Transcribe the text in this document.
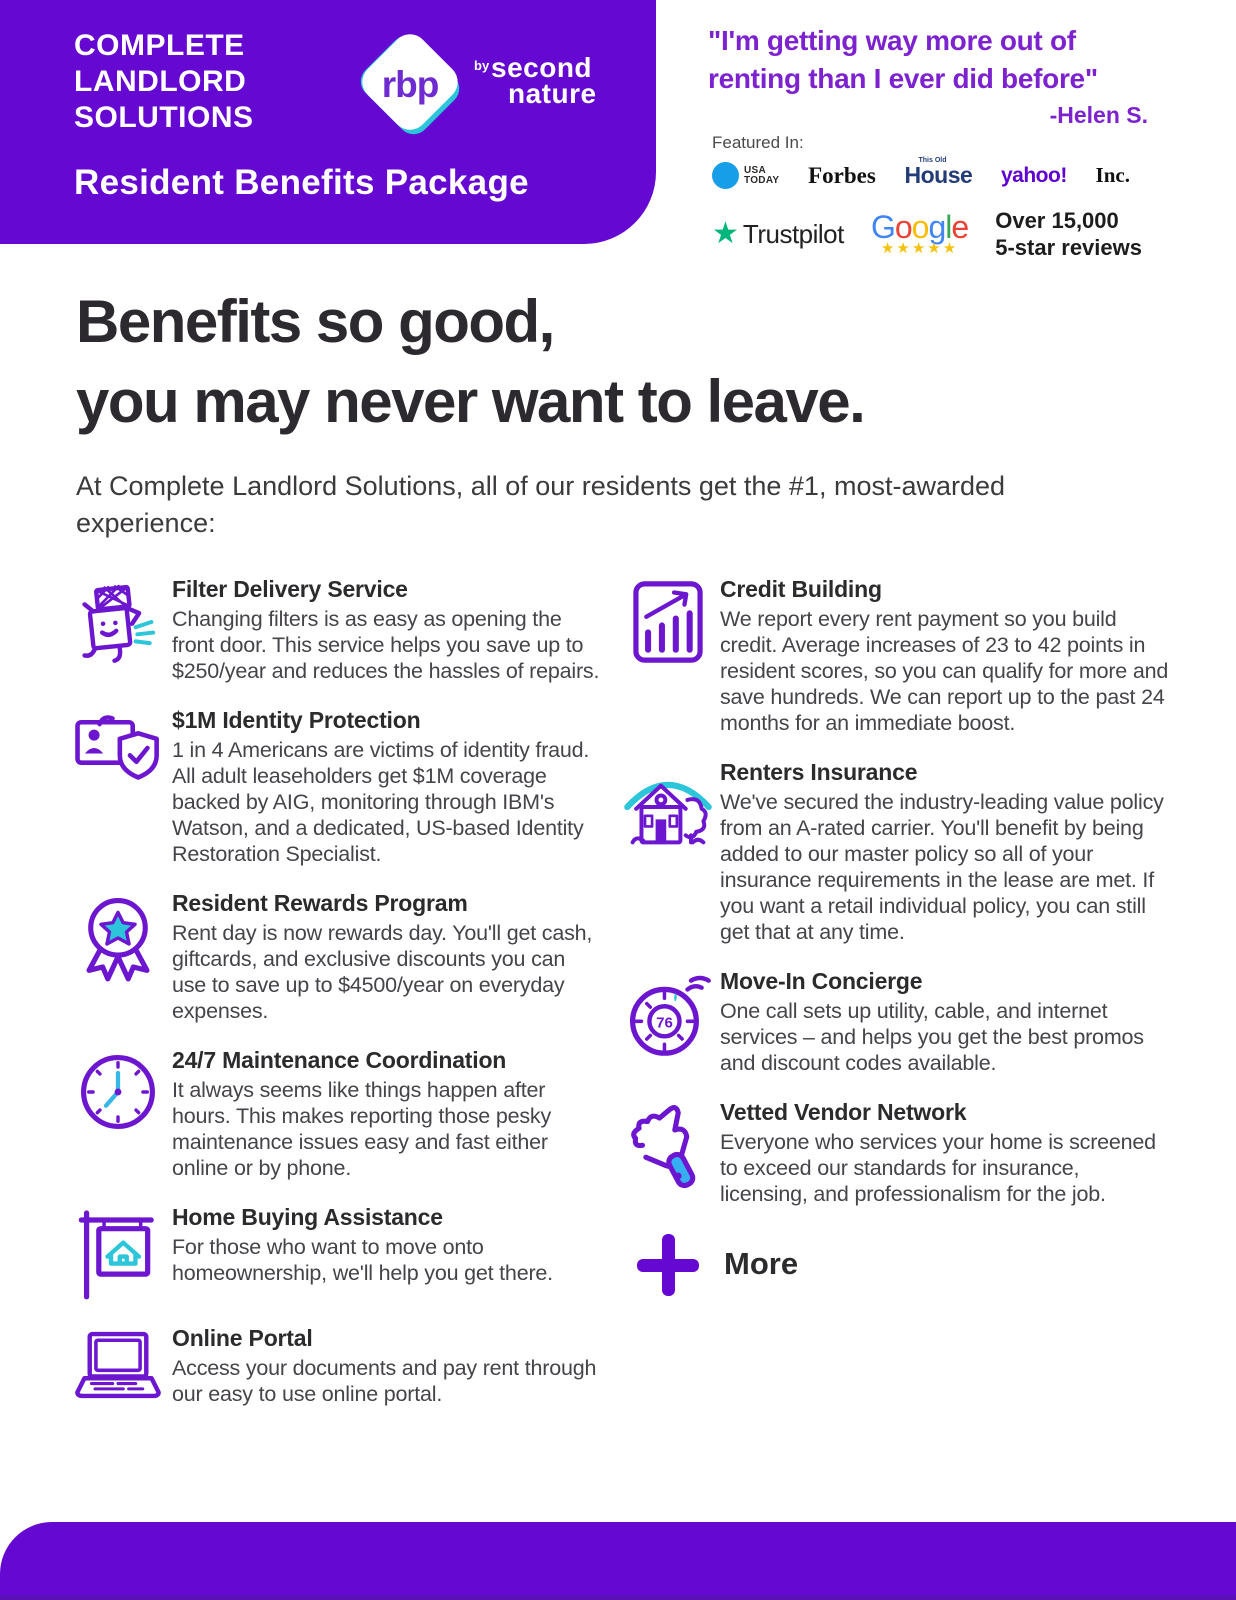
COMPLETE LANDLORD SOLUTIONS
rbp	by second
nature
Resident Benefits Package
"I'm getting way more out of renting than I ever did before"
-Helen S.
Featured In:
USA
TODAY Forbes
This Old
House yahoo! Inc.
★ Trustpilot Google
★★★★★
Over 15,000
5-star reviews
Benefits so good,
you may never want to leave.
At Complete Landlord Solutions, all of our residents get the #1, most-awarded experience:
Filter Delivery Service
Changing filters is as easy as opening the front door. This service helps you save up to $250/year and reduces the hassles of repairs.
$1M Identity Protection
1 in 4 Americans are victims of identity fraud. All adult leaseholders get $1M coverage backed by AIG, monitoring through IBM's Watson, and a dedicated, US-based Identity Restoration Specialist.
Resident Rewards Program
Rent day is now rewards day. You'll get cash, giftcards, and exclusive discounts you can use to save up to $4500/year on everyday expenses.
24/7 Maintenance Coordination
It always seems like things happen after hours. This makes reporting those pesky maintenance issues easy and fast either online or by phone.
Home Buying Assistance
For those who want to move onto homeownership, we'll help you get there.
Online Portal
Access your documents and pay rent through our easy to use online portal.
Credit Building
We report every rent payment so you build credit. Average increases of 23 to 42 points in resident scores, so you can qualify for more and save hundreds. We can report up to the past 24 months for an immediate boost.
Renters Insurance
We've secured the industry-leading value policy from an A-rated carrier. You'll benefit by being added to our master policy so all of your insurance requirements in the lease are met. If you want a retail individual policy, you can still get that at any time.
76
Move-In Concierge
One call sets up utility, cable, and internet services – and helps you get the best promos and discount codes available.
Vetted Vendor Network
Everyone who services your home is screened to exceed our standards for insurance, licensing, and professionalism for the job.
More
